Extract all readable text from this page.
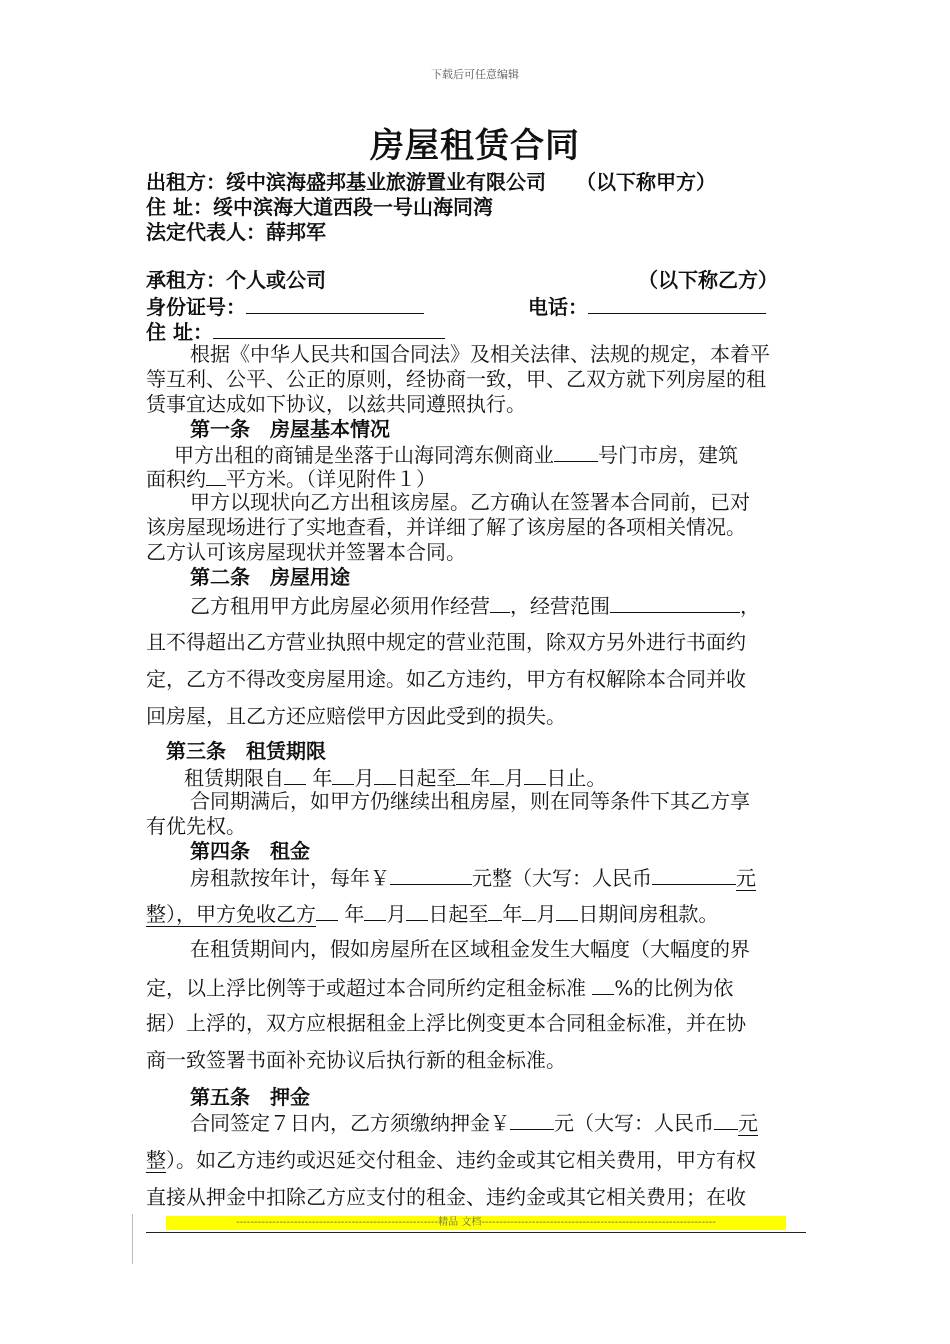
下载后可任意编辑
房屋租赁合同
出租方：绥中滨海盛邦基业旅游置业有限公司 （以下称甲方）
住 址：绥中滨海大道西段一号山海同湾
法定代表人：薛邦军
承租方：个人或公司	（以下称乙方）
身份证号：	电话：
住 址：
根据《中华人民共和国合同法》及相关法律、法规的规定，本着平
等互利、公平、公正的原则，经协商一致，甲、乙双方就下列房屋的租
赁事宜达成如下协议，以兹共同遵照执行。
第一条　房屋基本情况
甲方出租的商铺是坐落于山海同湾东侧商业 号门市房，建筑
面积约 平方米。（详见附件１）
甲方以现状向乙方出租该房屋。乙方确认在签署本合同前，已对
该房屋现场进行了实地查看，并详细了解了该房屋的各项相关情况。
乙方认可该房屋现状并签署本合同。
第二条　房屋用途
乙方租用甲方此房屋必须用作经营 ，经营范围	，
且不得超出乙方营业执照中规定的营业范围，除双方另外进行书面约
定，乙方不得改变房屋用途。如乙方违约，甲方有权解除本合同并收
回房屋，且乙方还应赔偿甲方因此受到的损失。
第三条　租赁期限
租赁期限自 年 月 日起至 年 月 日止。
合同期满后，如甲方仍继续出租房屋，则在同等条件下其乙方享
有优先权。
第四条　租金
房租款按年计，每年￥	元整（大写：人民币	元
整），甲方免收乙方 年 月 日起至 年 月 日期间房租款。
在租赁期间内，假如房屋所在区域租金发生大幅度（大幅度的界
定，以上浮比例等于或超过本合同所约定租金标准 %的比例为依
据）上浮的，双方应根据租金上浮比例变更本合同租金标准，并在协
商一致签署书面补充协议后执行新的租金标准。
第五条　押金
合同签定７日内，乙方须缴纳押金￥ 元（大写：人民币 元
整）。如乙方违约或迟延交付租金、违约金或其它相关费用，甲方有权
直接从押金中扣除乙方应支付的租金、违约金或其它相关费用；在收
--------------------------------------------------------精品 文档-----------------------------------------------------------------
